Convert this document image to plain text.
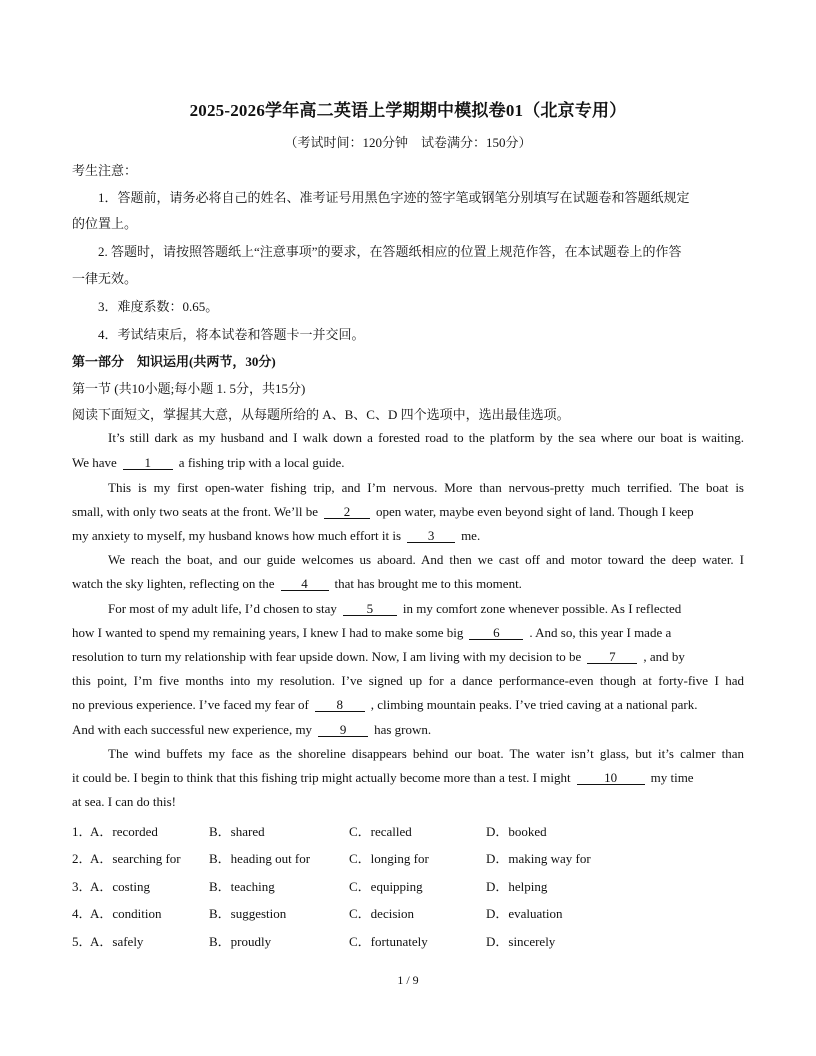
2025-2026学年高二英语上学期期中模拟卷01（北京专用）
（考试时间：120分钟　试卷满分：150分）
考生注意：
1．答题前，请务必将自己的姓名、准考证号用黑色字迹的签字笔或钢笔分别填写在试题卷和答题纸规定
的位置上。
2. 答题时，请按照答题纸上“注意事项”的要求，在答题纸相应的位置上规范作答，在本试题卷上的作答
一律无效。
3．难度系数：0.65。
4．考试结束后，将本试卷和答题卡一并交回。
第一部分　知识运用(共两节，30分)
第一节 (共10小题;每小题 1. 5分，共15分)
阅读下面短文，掌握其大意，从每题所给的 A、B、C、D 四个选项中，选出最佳选项。
It’s still dark as my husband and I walk down a forested road to the platform by the sea where our boat is waiting.
We have 1 a fishing trip with a local guide.
This is my first open-water fishing trip, and I’m nervous. More than nervous-pretty much terrified. The boat is
small, with only two seats at the front. We’ll be 2 open water, maybe even beyond sight of land. Though I keep
my anxiety to myself, my husband knows how much effort it is 3 me.
We reach the boat, and our guide welcomes us aboard. And then we cast off and motor toward the deep water. I
watch the sky lighten, reflecting on the 4 that has brought me to this moment.
For most of my adult life, I’d chosen to stay 5 in my comfort zone whenever possible. As I reflected
how I wanted to spend my remaining years, I knew I had to make some big 6 . And so, this year I made a
resolution to turn my relationship with fear upside down. Now, I am living with my decision to be 7 , and by
this point, I’m five months into my resolution. I’ve signed up for a dance performance-even though at forty-five I had
no previous experience. I’ve faced my fear of 8 , climbing mountain peaks. I’ve tried caving at a national park.
And with each successful new experience, my 9 has grown.
The wind buffets my face as the shoreline disappears behind our boat. The water isn’t glass, but it’s calmer than
it could be. I begin to think that this fishing trip might actually become more than a test. I might	10	my time
at sea. I can do this!
1．
A．recorded	B．shared	C．recalled	D．booked
2．
A．searching for B．heading out for	C．longing for	D．making way for
3．
A．costing	B．teaching	C．equipping	D．helping
4．
A．condition	B．suggestion	C．decision	D．evaluation
5．
A．safely	B．proudly	C．fortunately	D．sincerely
1 / 9
